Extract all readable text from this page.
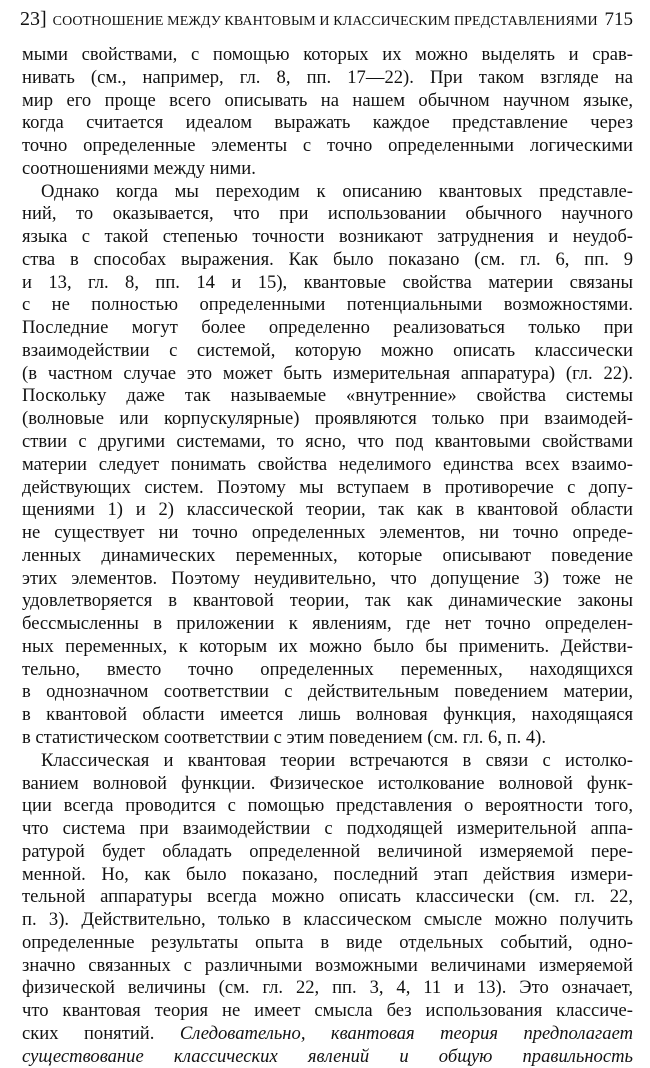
23] СООТНОШЕНИЕ МЕЖДУ КВАНТОВЫМ И КЛАССИЧЕСКИМ ПРЕДСТАВЛЕНИЯМИ 715
мыми свойствами, с помощью которых их можно выделять и срав-
нивать (см., например, гл. 8, пп. 17—22). При таком взгляде на
мир его проще всего описывать на нашем обычном научном языке,
когда считается идеалом выражать каждое представление через
точно определенные элементы с точно определенными логическими
соотношениями между ними.
Однако когда мы переходим к описанию квантовых представле-
ний, то оказывается, что при использовании обычного научного
языка с такой степенью точности возникают затруднения и неудоб-
ства в способах выражения. Как было показано (см. гл. 6, пп. 9
и 13, гл. 8, пп. 14 и 15), квантовые свойства материи связаны
с не полностью определенными потенциальными возможностями.
Последние могут более определенно реализоваться только при
взаимодействии с системой, которую можно описать классически
(в частном случае это может быть измерительная аппаратура) (гл. 22).
Поскольку даже так называемые «внутренние» свойства системы
(волновые или корпускулярные) проявляются только при взаимодей-
ствии с другими системами, то ясно, что под квантовыми свойствами
материи следует понимать свойства неделимого единства всех взаимо-
действующих систем. Поэтому мы вступаем в противоречие с допу-
щениями 1) и 2) классической теории, так как в квантовой области
не существует ни точно определенных элементов, ни точно опреде-
ленных динамических переменных, которые описывают поведение
этих элементов. Поэтому неудивительно, что допущение 3) тоже не
удовлетворяется в квантовой теории, так как динамические законы
бессмысленны в приложении к явлениям, где нет точно определен-
ных переменных, к которым их можно было бы применить. Действи-
тельно, вместо точно определенных переменных, находящихся
в однозначном соответствии с действительным поведением материи,
в квантовой области имеется лишь волновая функция, находящаяся
в статистическом соответствии с этим поведением (см. гл. 6, п. 4).
Классическая и квантовая теории встречаются в связи с истолко-
ванием волновой функции. Физическое истолкование волновой функ-
ции всегда проводится с помощью представления о вероятности того,
что система при взаимодействии с подходящей измерительной аппа-
ратурой будет обладать определенной величиной измеряемой пере-
менной. Но, как было показано, последний этап действия измери-
тельной аппаратуры всегда можно описать классически (см. гл. 22,
п. 3). Действительно, только в классическом смысле можно получить
определенные результаты опыта в виде отдельных событий, одно-
значно связанных с различными возможными величинами измеряемой
физической величины (см. гл. 22, пп. 3, 4, 11 и 13). Это означает,
что квантовая теория не имеет смысла без использования классиче-
ских понятий. Следовательно, квантовая теория предполагает
существование классических явлений и общую правильность
